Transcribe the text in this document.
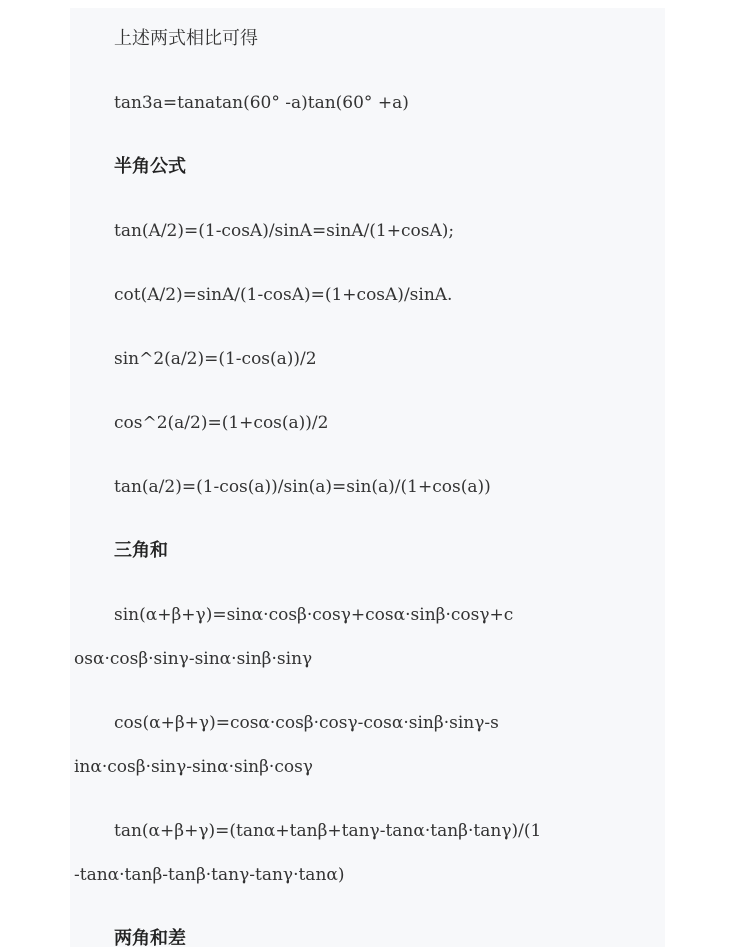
上述两式相比可得
tan3a=tanatan(60° -a)tan(60° +a)
半角公式
tan(A/2)=(1-cosA)/sinA=sinA/(1+cosA);
cot(A/2)=sinA/(1-cosA)=(1+cosA)/sinA.
sin^2(a/2)=(1-cos(a))/2
cos^2(a/2)=(1+cos(a))/2
tan(a/2)=(1-cos(a))/sin(a)=sin(a)/(1+cos(a))
三角和
sin(α+β+γ)=sinα·cosβ·cosγ+cosα·sinβ·cosγ+c
osα·cosβ·sinγ-sinα·sinβ·sinγ
cos(α+β+γ)=cosα·cosβ·cosγ-cosα·sinβ·sinγ-s
inα·cosβ·sinγ-sinα·sinβ·cosγ
tan(α+β+γ)=(tanα+tanβ+tanγ-tanα·tanβ·tanγ)/(1
-tanα·tanβ-tanβ·tanγ-tanγ·tanα)
两角和差
